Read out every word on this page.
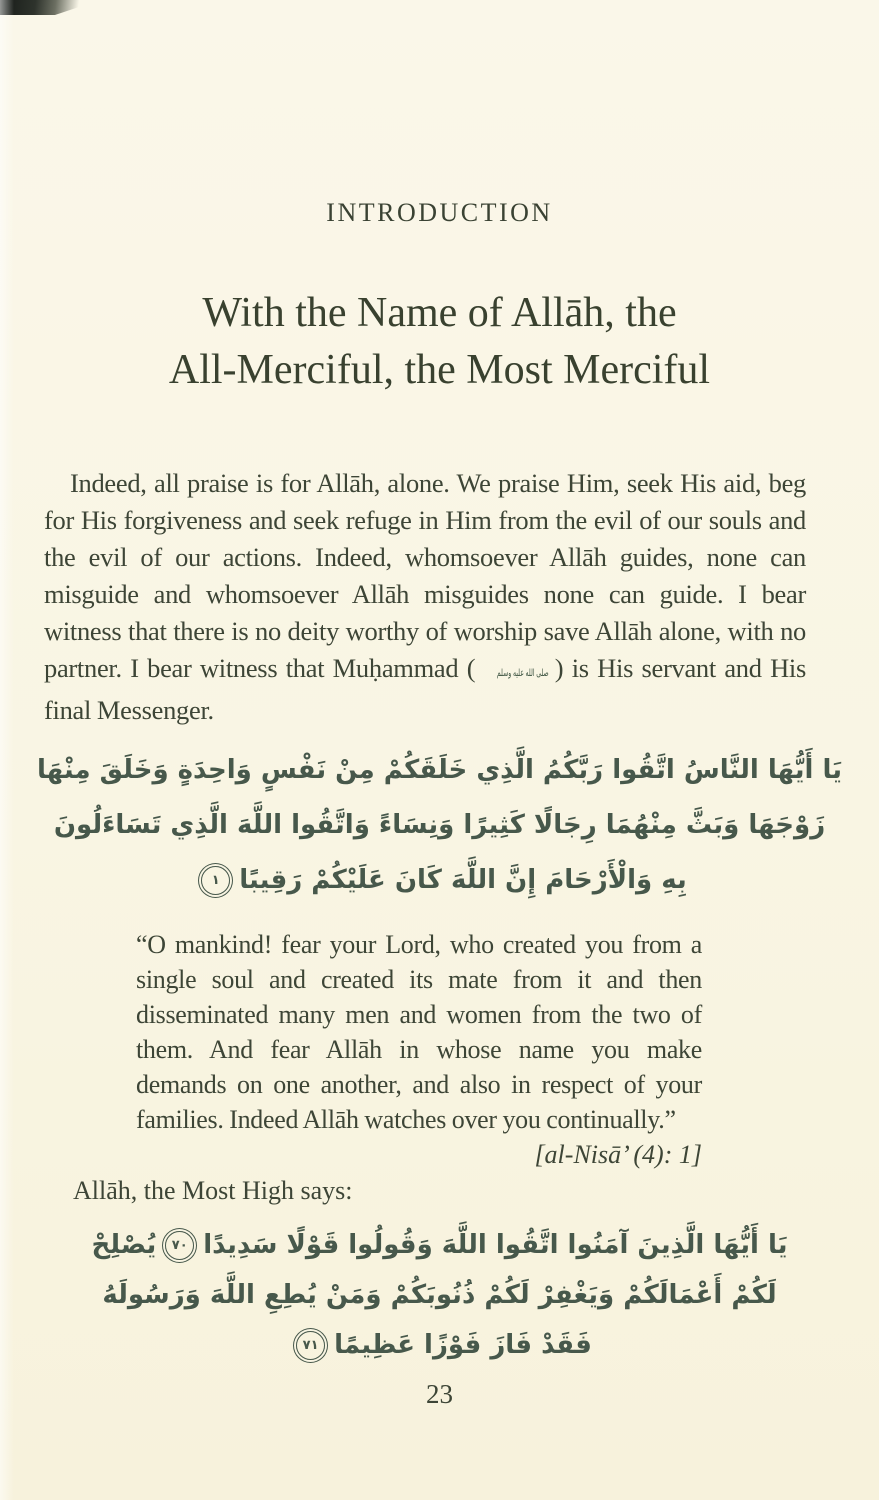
INTRODUCTION
With the Name of Allāh, the
All-Merciful, the Most Merciful

Indeed, all praise is for Allāh, alone. We praise Him, seek His aid, beg for His forgiveness and seek refuge in Him from the evil of our souls and the evil of our actions. Indeed, whomsoever Allāh guides, none can misguide and whomsoever Allāh misguides none can guide. I bear witness that there is no deity worthy of worship save Allāh alone, with no partner. I bear witness that Muḥammad ( صلى الله عليه وسلم ) is His servant and His final Messenger.

يَا أَيُّهَا النَّاسُ اتَّقُوا رَبَّكُمُ الَّذِي خَلَقَكُمْ مِنْ نَفْسٍ وَاحِدَةٍ وَخَلَقَ مِنْهَا
زَوْجَهَا وَبَثَّ مِنْهُمَا رِجَالًا كَثِيرًا وَنِسَاءً وَاتَّقُوا اللَّهَ الَّذِي تَسَاءَلُونَ
بِهِ وَالْأَرْحَامَ إِنَّ اللَّهَ كَانَ عَلَيْكُمْ رَقِيبًا١
“O mankind! fear your Lord, who created you from a single soul and created its mate from it and then disseminated many men and women from the two of them. And fear Allāh in whose name you make demands on one another, and also in respect of your families. Indeed Allāh watches over you continually.”
[al-Nisā’ (4): 1]

Allāh, the Most High says:

يَا أَيُّهَا الَّذِينَ آمَنُوا اتَّقُوا اللَّهَ وَقُولُوا قَوْلًا سَدِيدًا٧٠يُصْلِحْ
لَكُمْ أَعْمَالَكُمْ وَيَغْفِرْ لَكُمْ ذُنُوبَكُمْ وَمَنْ يُطِعِ اللَّهَ وَرَسُولَهُ
فَقَدْ فَازَ فَوْزًا عَظِيمًا٧١
23
